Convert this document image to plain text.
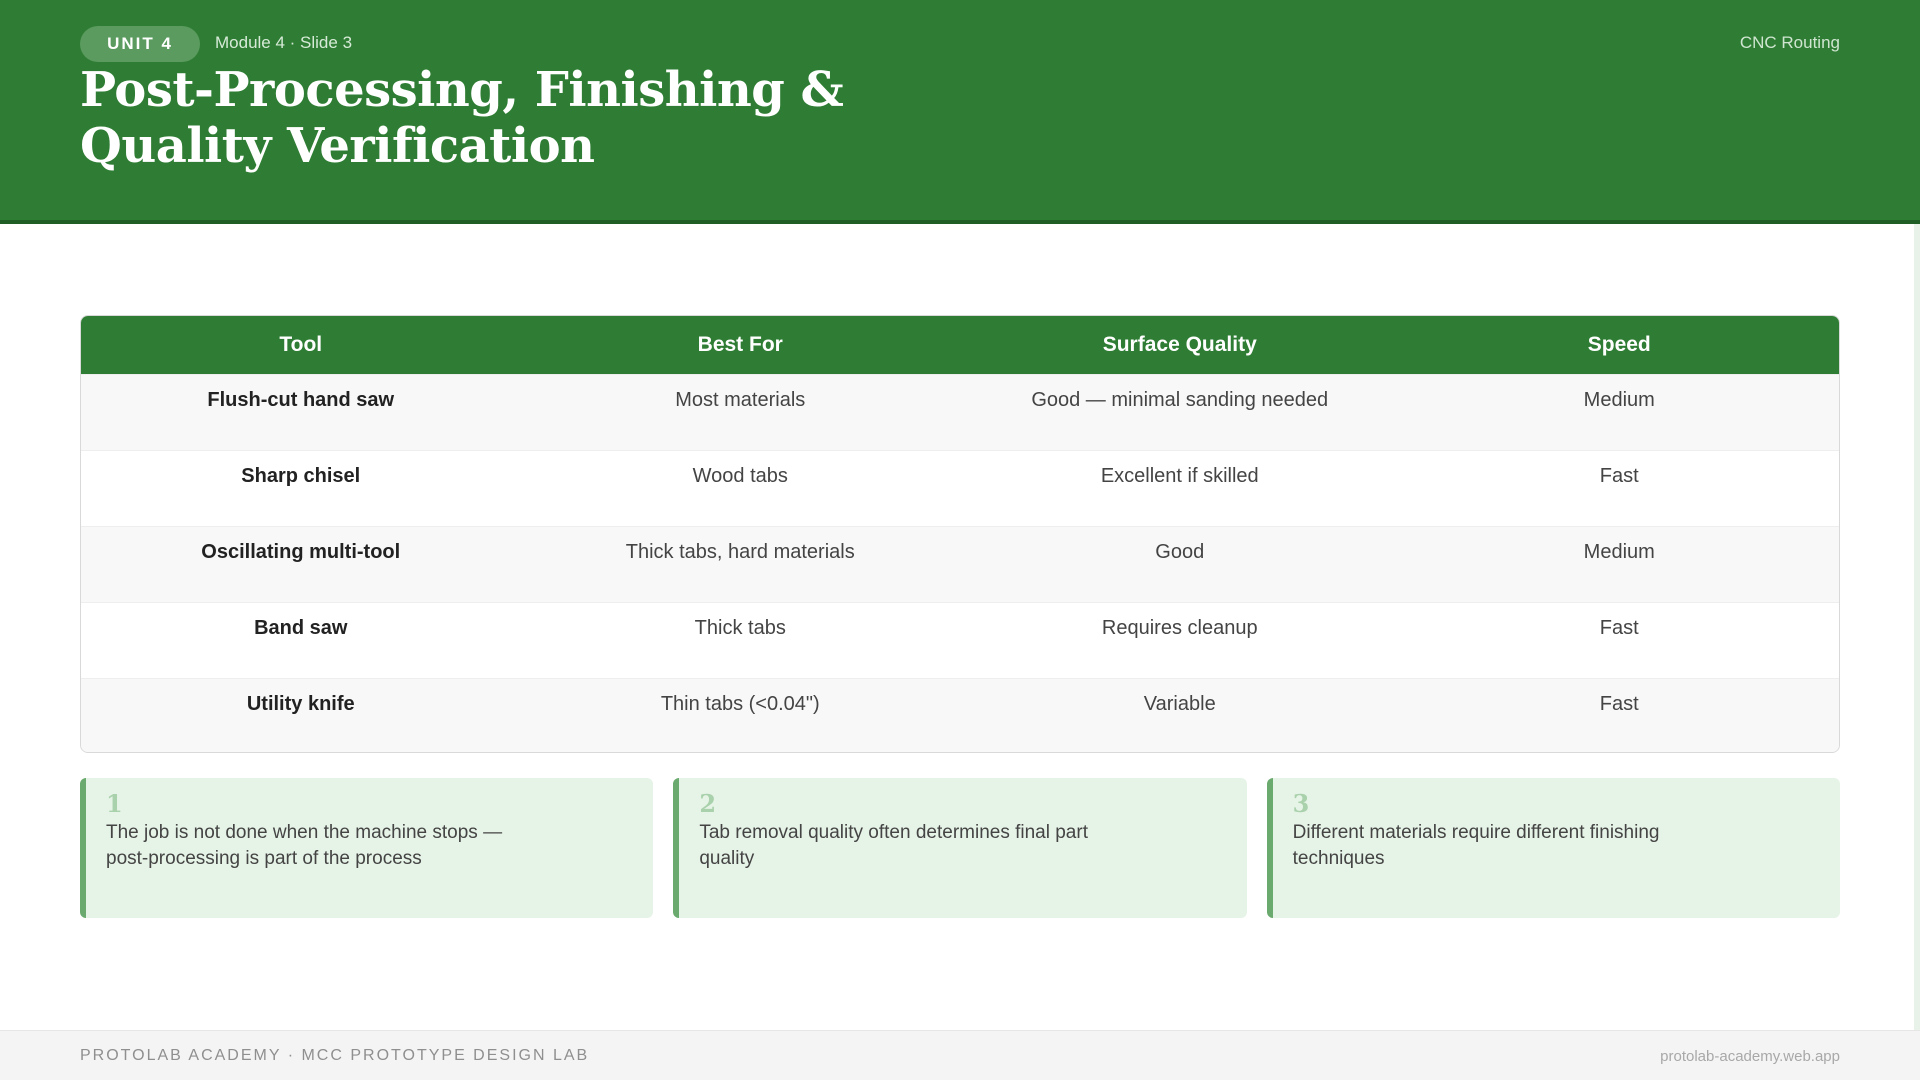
UNIT 4	Module 4 · Slide 3	CNC Routing
Post-Processing, Finishing & Quality Verification
Tool	Best For	Surface Quality	Speed
Flush-cut hand saw	Most materials	Good — minimal sanding needed	Medium
Sharp chisel	Wood tabs	Excellent if skilled	Fast
Oscillating multi-tool	Thick tabs, hard materials	Good	Medium
Band saw	Thick tabs	Requires cleanup	Fast
Utility knife	Thin tabs (<0.04")	Variable	Fast
1
The job is not done when the machine stops — post-processing is part of the process
2
Tab removal quality often determines final part quality
3
Different materials require different finishing techniques
PROTOLAB ACADEMY · MCC PROTOTYPE DESIGN LAB	protolab-academy.web.app
